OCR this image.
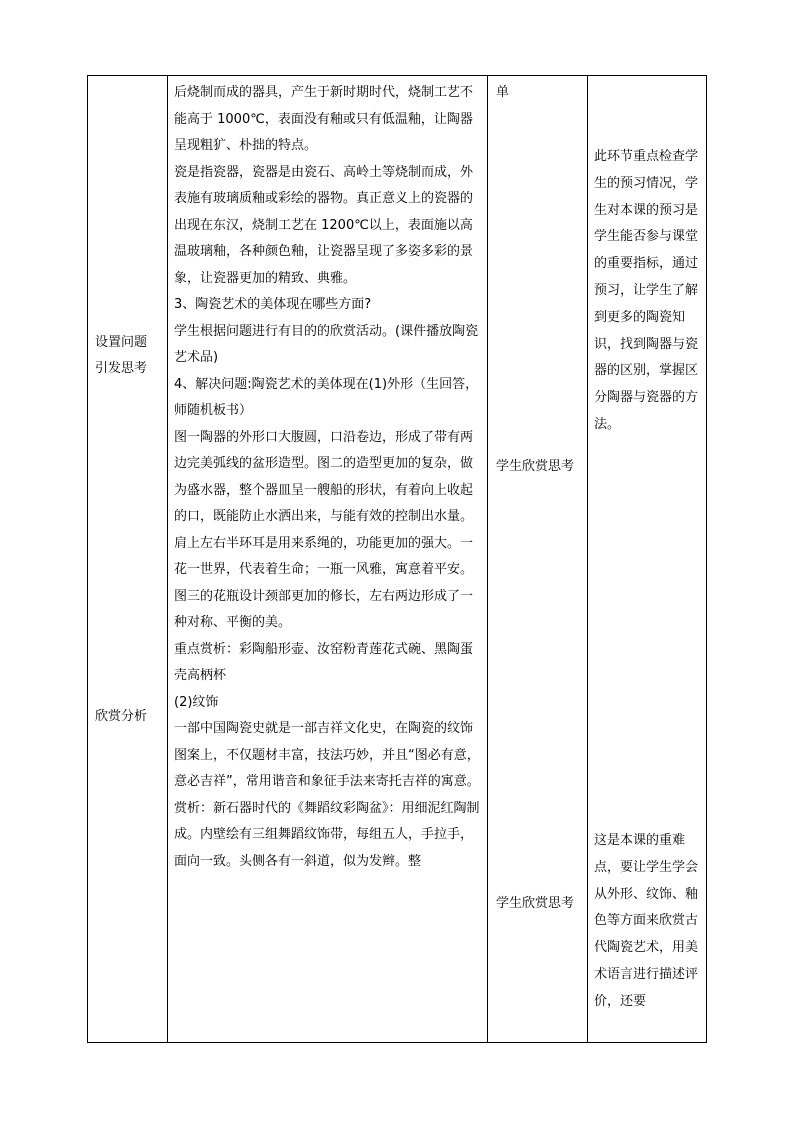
设置问题
引发思考
欣赏分析

后烧制而成的器具，产生于新时期时代，烧制工艺不能高于 1000℃，表面没有釉或只有低温釉，让陶器呈现粗犷、朴拙的特点。

瓷是指瓷器，瓷器是由瓷石、高岭土等烧制而成，外表施有玻璃质釉或彩绘的器物。真正意义上的瓷器的出现在东汉，烧制工艺在 1200℃以上，表面施以高温玻璃釉，各种颜色釉，让瓷器呈现了多姿多彩的景象，让瓷器更加的精致、典雅。

3、陶瓷艺术的美体现在哪些方面?

学生根据问题进行有目的的欣赏活动。(课件播放陶瓷艺术品)

4、解决问题:陶瓷艺术的美体现在(1)外形（生回答，师随机板书）

图一陶器的外形口大腹圆，口沿卷边，形成了带有两边完美弧线的盆形造型。图二的造型更加的复杂，做为盛水器，整个器皿呈一艘船的形状，有着向上收起的口，既能防止水洒出来，与能有效的控制出水量。肩上左右半环耳是用来系绳的，功能更加的强大。一花一世界，代表着生命；一瓶一风雅，寓意着平安。图三的花瓶设计颈部更加的修长，左右两边形成了一种对称、平衡的美。

重点赏析：彩陶船形壶、汝窑粉青莲花式碗、黑陶蛋壳高柄杯

(2)纹饰

一部中国陶瓷史就是一部吉祥文化史，在陶瓷的纹饰图案上，不仅题材丰富，技法巧妙，并且“图必有意，意必吉祥”，常用谐音和象征手法来寄托吉祥的寓意。

赏析：新石器时代的《舞蹈纹彩陶盆》：用细泥红陶制成。内壁绘有三组舞蹈纹饰带，每组五人，手拉手，面向一致。头侧各有一斜道，似为发辫。整

单
学生欣赏思考
学生欣赏思考

此环节重点检查学生的预习情况，学生对本课的预习是学生能否参与课堂的重要指标，通过预习，让学生了解到更多的陶瓷知识，找到陶器与瓷器的区别，掌握区分陶器与瓷器的方法。

这是本课的重难点，要让学生学会从外形、纹饰、釉色等方面来欣赏古代陶瓷艺术，用美术语言进行描述评价，还要
